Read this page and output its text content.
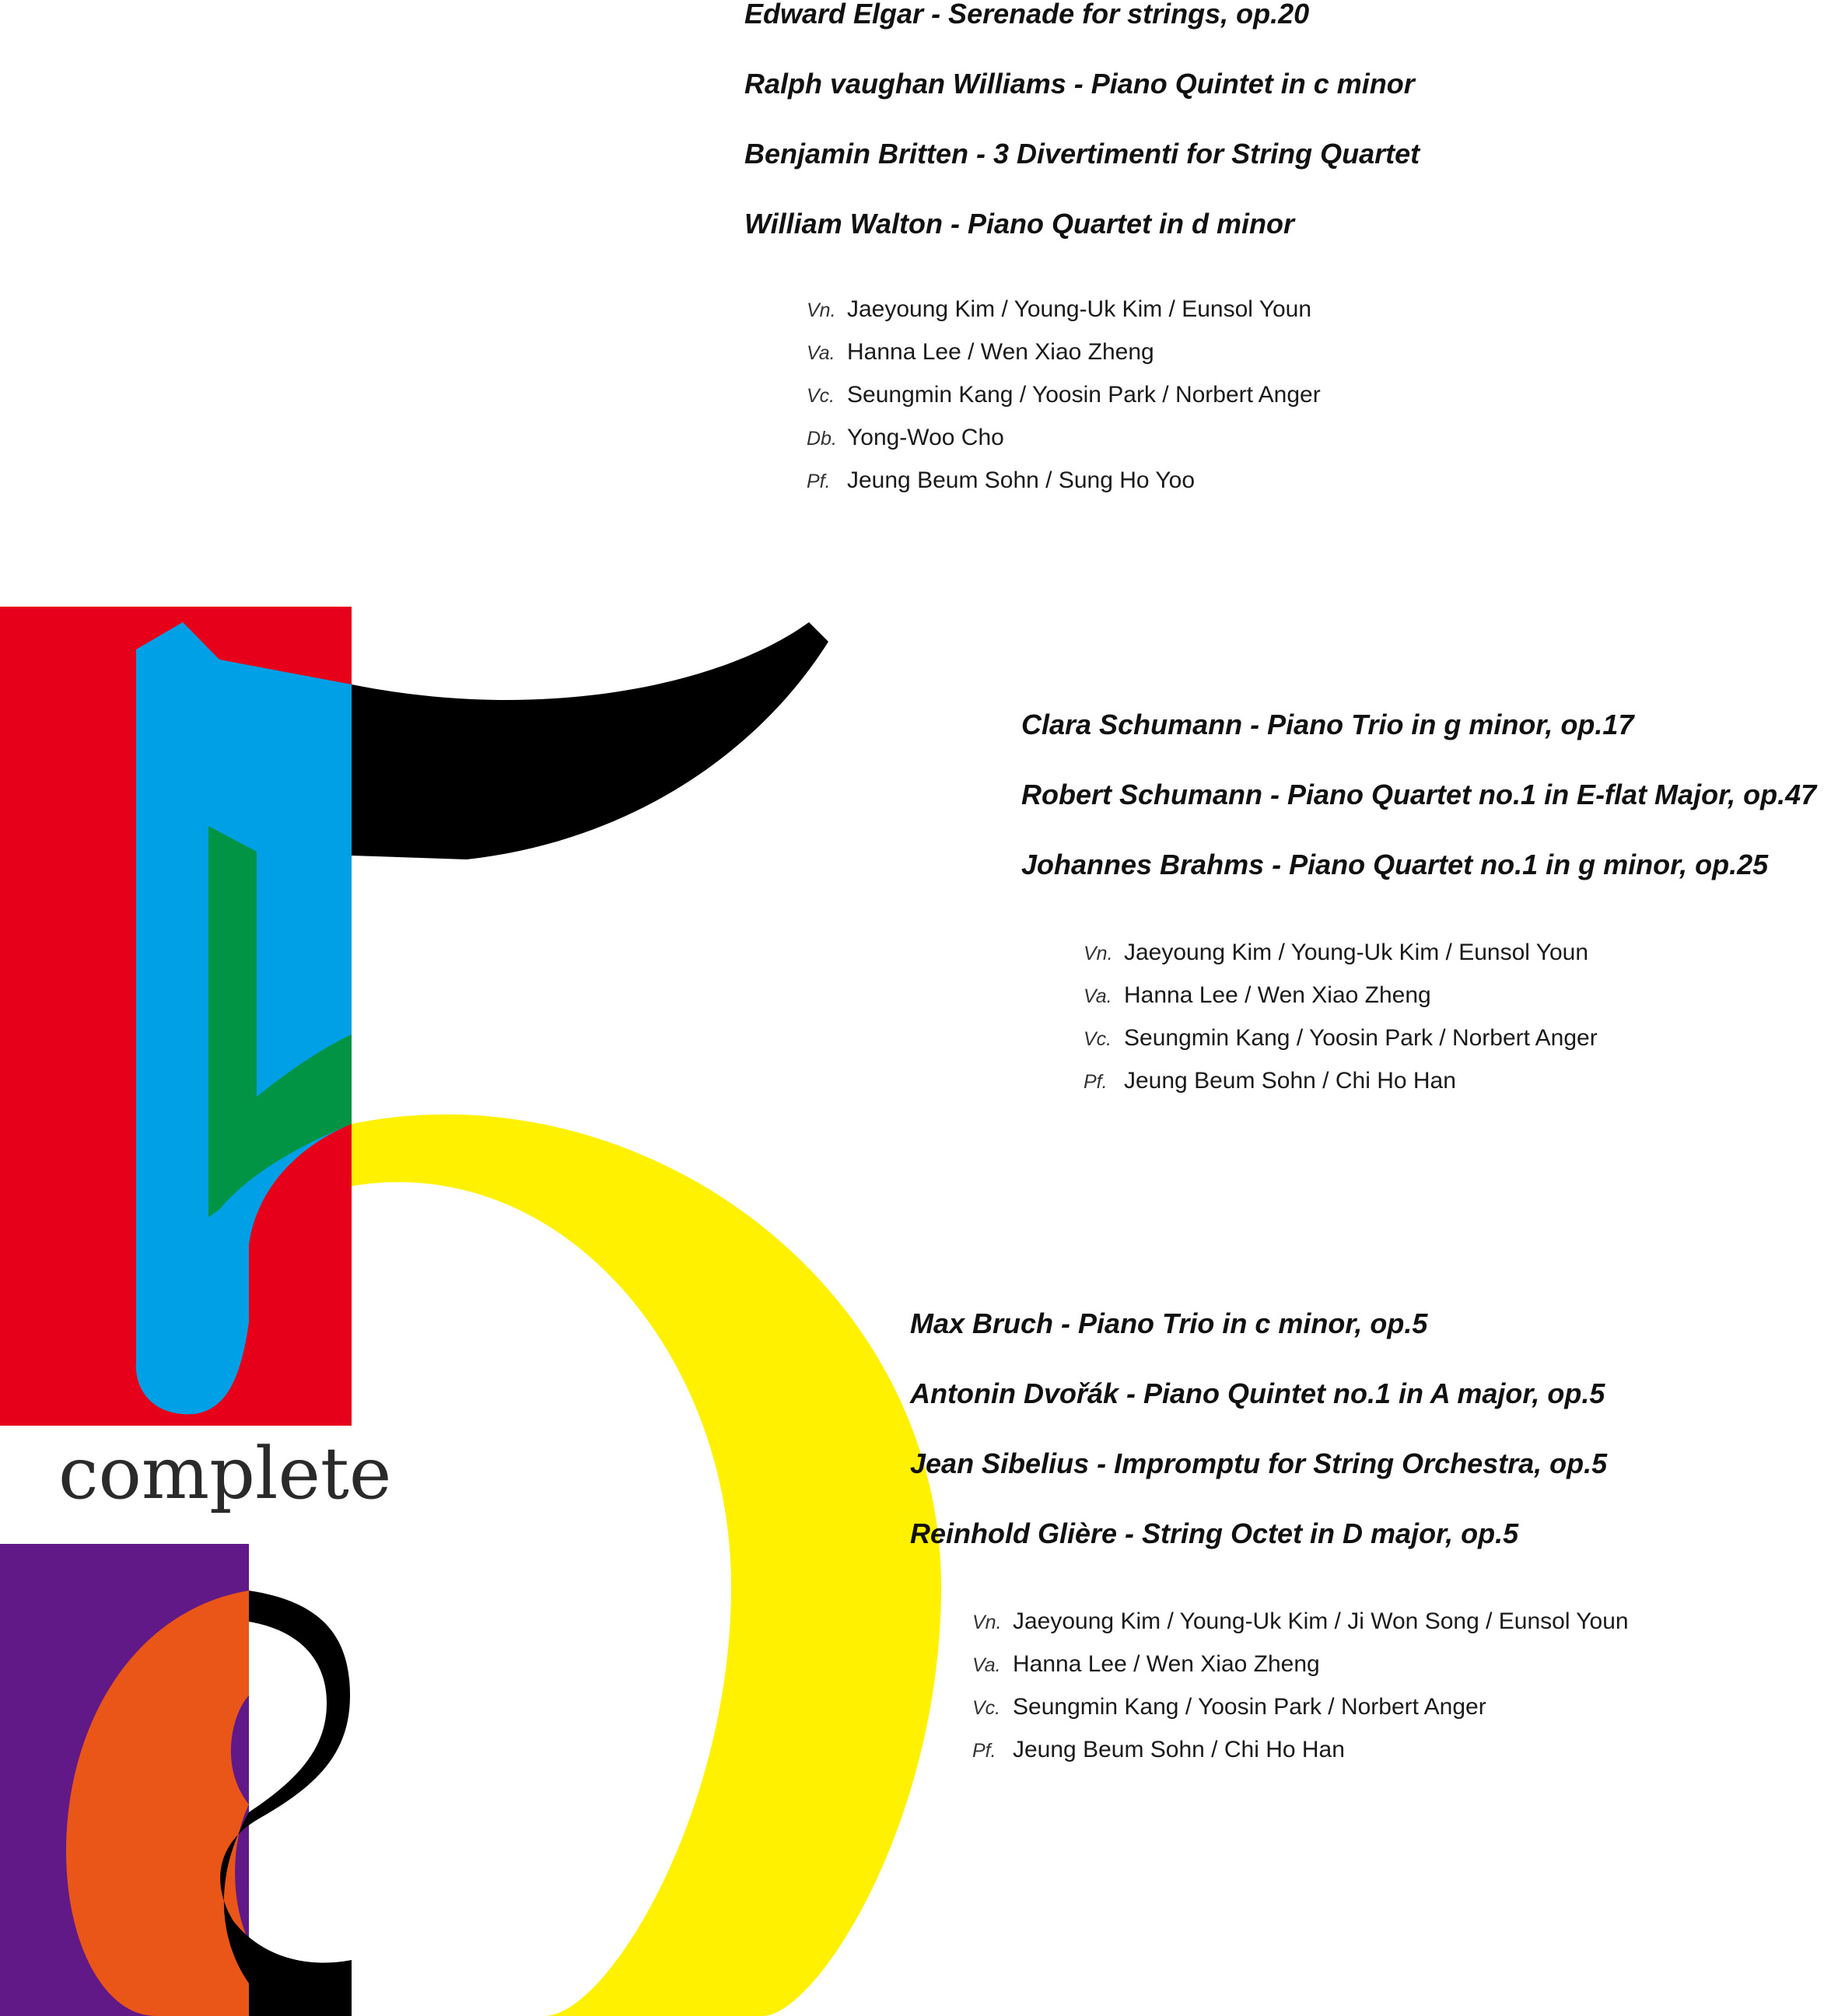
complete
Edward Elgar - Serenade for strings, op.20
Ralph vaughan Williams - Piano Quintet in c minor
Benjamin Britten - 3 Divertimenti for String Quartet
William Walton - Piano Quartet in d minor
Vn. Jaeyoung Kim / Young-Uk Kim / Eunsol Youn
Va. Hanna Lee / Wen Xiao Zheng
Vc. Seungmin Kang / Yoosin Park / Norbert Anger
Db. Yong-Woo Cho
Pf. Jeung Beum Sohn / Sung Ho Yoo
Clara Schumann - Piano Trio in g minor, op.17
Robert Schumann - Piano Quartet no.1 in E-flat Major, op.47
Johannes Brahms - Piano Quartet no.1 in g minor, op.25
Vn. Jaeyoung Kim / Young-Uk Kim / Eunsol Youn
Va. Hanna Lee / Wen Xiao Zheng
Vc. Seungmin Kang / Yoosin Park / Norbert Anger
Pf. Jeung Beum Sohn / Chi Ho Han
Max Bruch - Piano Trio in c minor, op.5
Antonin Dvořák - Piano Quintet no.1 in A major, op.5
Jean Sibelius - Impromptu for String Orchestra, op.5
Reinhold Glière - String Octet in D major, op.5
Vn. Jaeyoung Kim / Young-Uk Kim / Ji Won Song / Eunsol Youn
Va. Hanna Lee / Wen Xiao Zheng
Vc. Seungmin Kang / Yoosin Park / Norbert Anger
Pf. Jeung Beum Sohn / Chi Ho Han
